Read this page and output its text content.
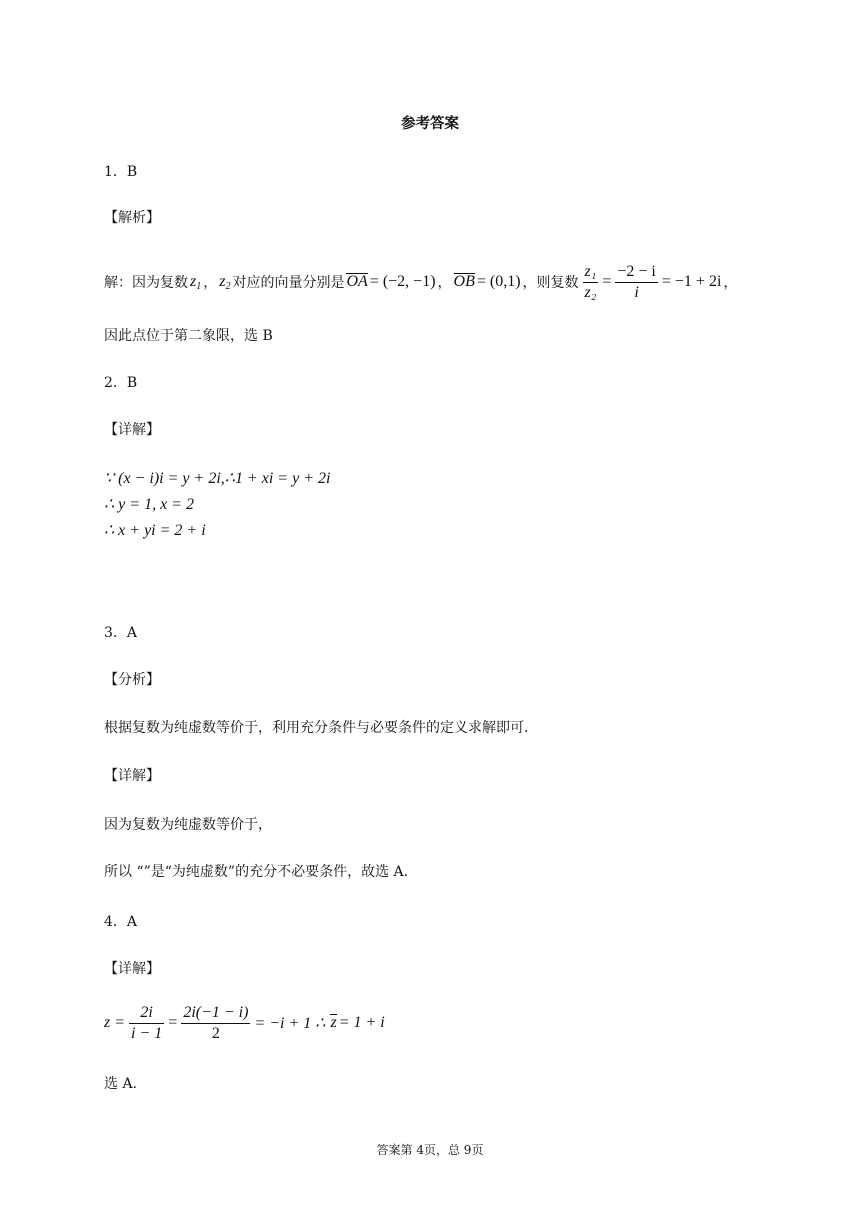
参考答案
1．B
【解析】
解：因为复数 $z_1$ ， $z_2$ 对应的向量分别是 OA = (−2, −1) ， OB = (0,1) ，则复数 $\frac{\text{z₁}}{\text{z₂}} = \frac{-2 - i}{i} = -1 + 2i$ ，
因此点位于第二象限，选 B
2．B
【详解】
∵ (x − i)i = y + 2i,∴1 + xi = y + 2i
∴ y = 1, x = 2
∴ x + yi = 2 + i
3．A
【分析】
根据复数为纯虚数等价于，利用充分条件与必要条件的定义求解即可.
【详解】
因为复数为纯虚数等价于，
所以 “”是“为纯虚数”的充分不必要条件，故选 A.
4．A
【详解】
$z = \frac{2i}{i - 1} = \frac{2i(-1 - i)}{2} = -i + 1$ ∴ z = 1 + i
选 A.
答案第 4页，总 9页
